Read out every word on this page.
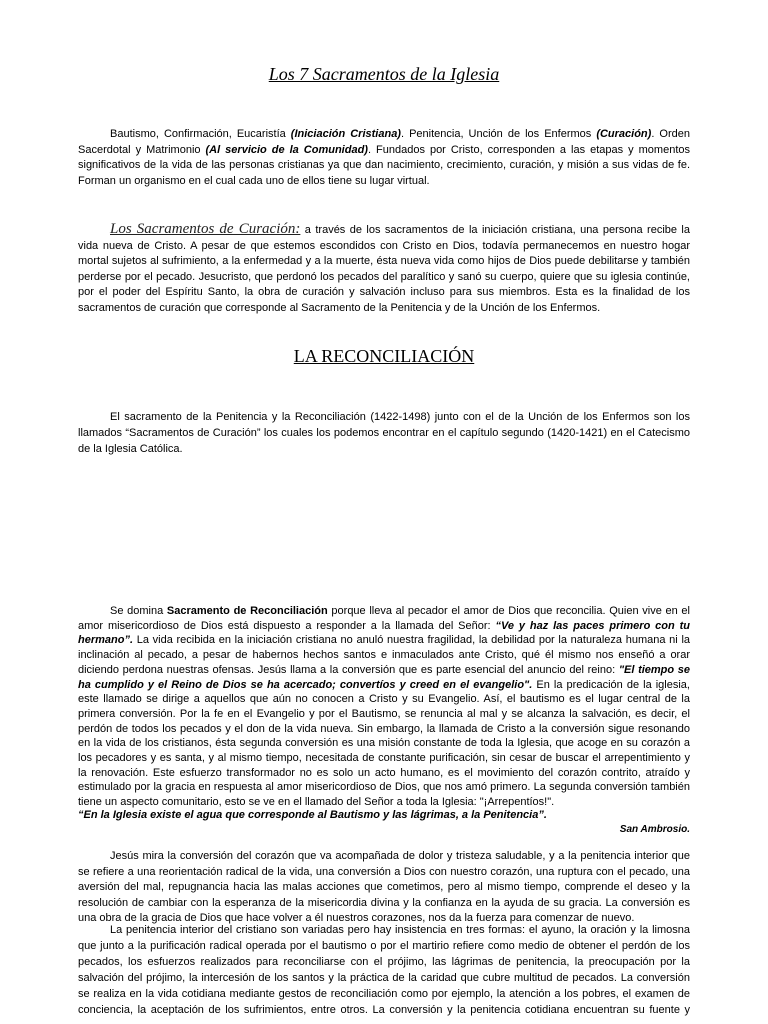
Los 7 Sacramentos de la Iglesia

Bautismo, Confirmación, Eucaristía (Iniciación Cristiana). Penitencia, Unción de los Enfermos (Curación). Orden Sacerdotal y Matrimonio (Al servicio de la Comunidad). Fundados por Cristo, corresponden a las etapas y momentos significativos de la vida de las personas cristianas ya que dan nacimiento, crecimiento, curación, y misión a sus vidas de fe. Forman un organismo en el cual cada uno de ellos tiene su lugar virtual.

Los Sacramentos de Curación: a través de los sacramentos de la iniciación cristiana, una persona recibe la vida nueva de Cristo. A pesar de que estemos escondidos con Cristo en Dios, todavía permanecemos en nuestro hogar mortal sujetos al sufrimiento, a la enfermedad y a la muerte, ésta nueva vida como hijos de Dios puede debilitarse y también perderse por el pecado. Jesucristo, que perdonó los pecados del paralítico y sanó su cuerpo, quiere que su iglesia continúe, por el poder del Espíritu Santo, la obra de curación y salvación incluso para sus miembros. Esta es la finalidad de los sacramentos de curación que corresponde al Sacramento de la Penitencia y de la Unción de los Enfermos.

LA RECONCILIACIÓN

El sacramento de la Penitencia y la Reconciliación (1422-1498) junto con el de la Unción de los Enfermos son los llamados “Sacramentos de Curación” los cuales los podemos encontrar en el capítulo segundo (1420-1421) en el Catecismo de la Iglesia Católica.

Se domina Sacramento de Reconciliación porque lleva al pecador el amor de Dios que reconcilia. Quien vive en el amor misericordioso de Dios está dispuesto a responder a la llamada del Señor: “Ve y haz las paces primero con tu hermano”. La vida recibida en la iniciación cristiana no anuló nuestra fragilidad, la debilidad por la naturaleza humana ni la inclinación al pecado, a pesar de habernos hechos santos e inmaculados ante Cristo, qué él mismo nos enseñó a orar diciendo perdona nuestras ofensas. Jesús llama a la conversión que es parte esencial del anuncio del reino: "El tiempo se ha cumplido y el Reino de Dios se ha acercado; convertíos y creed en el evangelio". En la predicación de la iglesia, este llamado se dirige a aquellos que aún no conocen a Cristo y su Evangelio. Así, el bautismo es el lugar central de la primera conversión. Por la fe en el Evangelio y por el Bautismo, se renuncia al mal y se alcanza la salvación, es decir, el perdón de todos los pecados y el don de la vida nueva. Sin embargo, la llamada de Cristo a la conversión sigue resonando en la vida de los cristianos, ésta segunda conversión es una misión constante de toda la Iglesia, que acoge en su corazón a los pecadores y es santa, y al mismo tiempo, necesitada de constante purificación, sin cesar de buscar el arrepentimiento y la renovación. Este esfuerzo transformador no es solo un acto humano, es el movimiento del corazón contrito, atraído y estimulado por la gracia en respuesta al amor misericordioso de Dios, que nos amó primero. La segunda conversión también tiene un aspecto comunitario, esto se ve en el llamado del Señor a toda la Iglesia: "¡Arrepentíos!".

“En la Iglesia existe el agua que corresponde al Bautismo y las lágrimas, a la Penitencia”.

San Ambrosio.

Jesús mira la conversión del corazón que va acompañada de dolor y tristeza saludable, y a la penitencia interior que se refiere a una reorientación radical de la vida, una conversión a Dios con nuestro corazón, una ruptura con el pecado, una aversión del mal, repugnancia hacia las malas acciones que cometimos, pero al mismo tiempo, comprende el deseo y la resolución de cambiar con la esperanza de la misericordia divina y la confianza en la ayuda de su gracia. La conversión es una obra de la gracia de Dios que hace volver a él nuestros corazones, nos da la fuerza para comenzar de nuevo.

La penitencia interior del cristiano son variadas pero hay insistencia en tres formas: el ayuno, la oración y la limosna que junto a la purificación radical operada por el bautismo o por el martirio refiere como medio de obtener el perdón de los pecados, los esfuerzos realizados para reconciliarse con el prójimo, las lágrimas de penitencia, la preocupación por la salvación del prójimo, la intercesión de los santos y la práctica de la caridad que cubre multitud de pecados. La conversión se realiza en la vida cotidiana mediante gestos de reconciliación como por ejemplo, la atención a los pobres, el examen de conciencia, la aceptación de los sufrimientos, entre otros. La conversión y la penitencia cotidiana encuentran su fuente y
